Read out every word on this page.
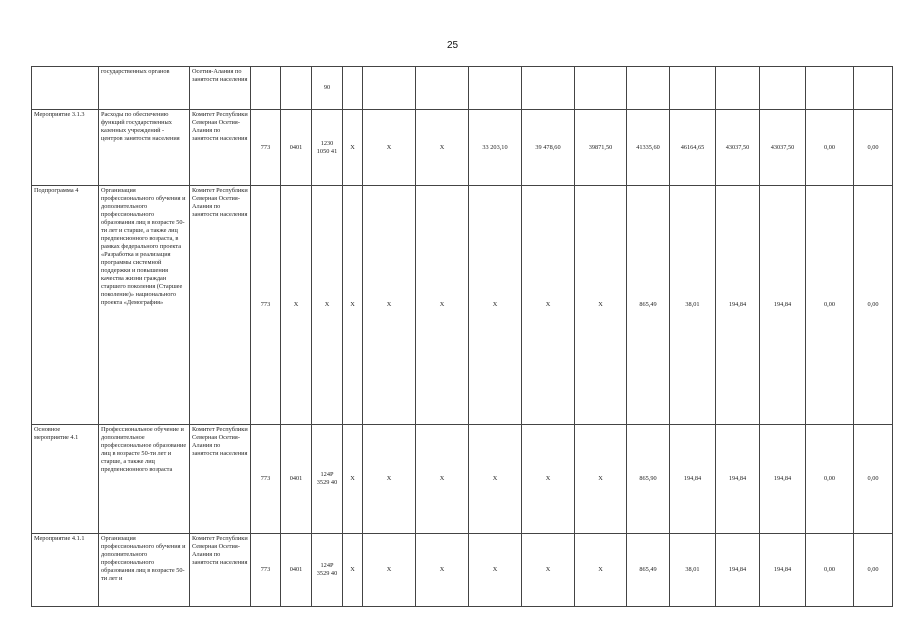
25
	государственных органов	Осетия-Алания по занятости населения			90												
Мероприятие 3.1.3	Расходы по обеспечению функций государственных казенных учреждений - центров занятости населения	Комитет Республики Северная Осетия-Алания по занятости населения	773	0401	1230 1050 41	Х	Х	Х	33 203,10	39 478,60	39871,50	41335,60	46164,65	43037,50	43037,50	0,00	0,00
Подпрограмма 4	Организация профессионального обучения и дополнительного профессионального образования лиц в возрасте 50-ти лет и старше, а также лиц предпенсионного возраста, в рамках федерального проекта «Разработка и реализация программы системной поддержки и повышения качества жизни граждан старшего поколения (Старшее поколение)» национального проекта «Демография»	Комитет Республики Северная Осетия-Алания по занятости населения	773	Х	Х	Х	Х	Х	Х	Х	Х	865,49	38,01	194,84	194,84	0,00	0,00
Основное мероприятие 4.1	Профессиональное обучение и дополнительное профессиональное образование лиц в возрасте 50-ти лет и старше, а также лиц предпенсионного возраста	Комитет Республики Северная Осетия-Алания по занятости населения	773	0401	124Р 3529 40	Х	Х	Х	Х	Х	Х	865,90	194,84	194,84	194,84	0,00	0,00
Мероприятие 4.1.1	Организация профессионального обучения и дополнительного профессионального образования лиц в возрасте 50-ти лет и	Комитет Республики Северная Осетия-Алания по занятости населения	773	0401	124Р 3529 40	Х	Х	Х	Х	Х	Х	865,49	38,01	194,84	194,84	0,00	0,00
